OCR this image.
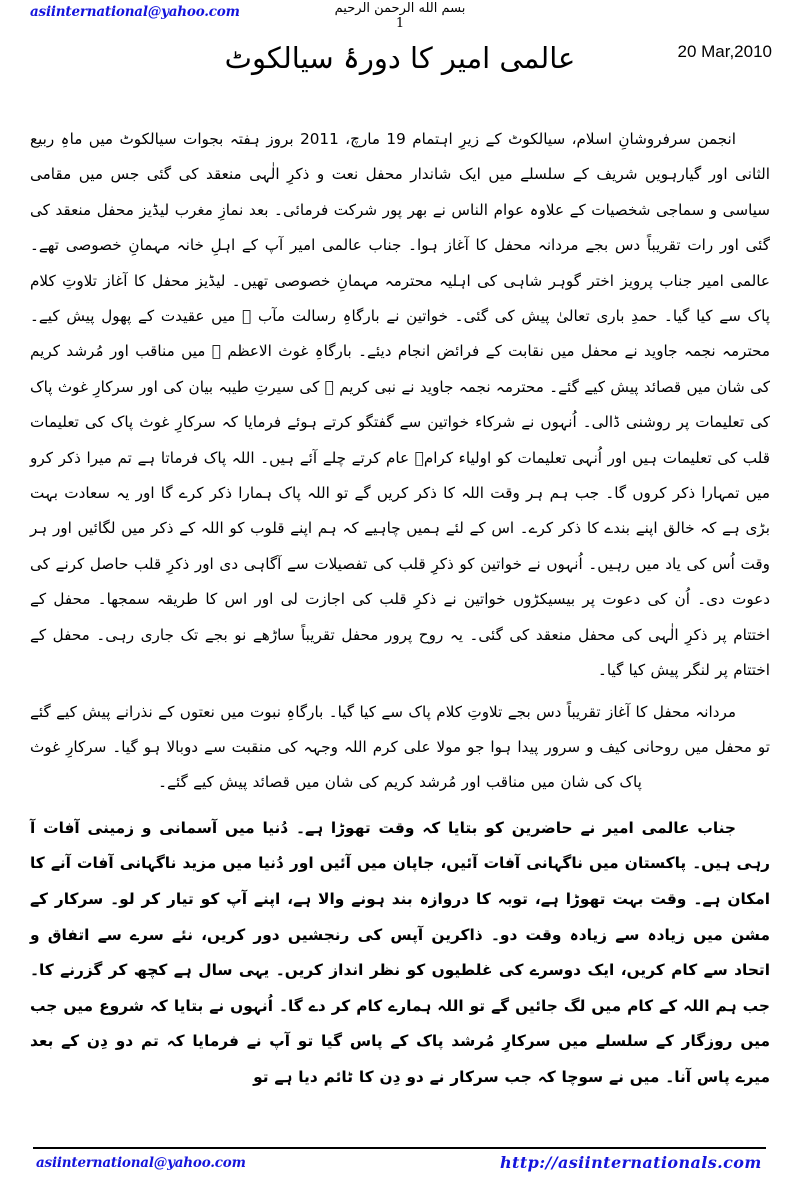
asiinternational@yahoo.com	بسم الله الرحمن الرحيم
1
عالمی امیر کا دورۂ سیالکوٹ	20 Mar,2010

انجمن سرفروشانِ اسلام، سیالکوٹ کے زیرِ اہتمام 19 مارچ، 2011 بروز ہفتہ بجوات سیالکوٹ میں ماہِ ربیع الثانی اور گیارہویں شریف کے سلسلے میں ایک شاندار محفل نعت و ذکرِ الٰہی منعقد کی گئی جس میں مقامی سیاسی و سماجی شخصیات کے علاوہ عوام الناس نے بھر پور شرکت فرمائی۔ بعد نمازِ مغرب لیڈیز محفل منعقد کی گئی اور رات تقریباً دس بجے مردانہ محفل کا آغاز ہوا۔ جناب عالمی امیر آپ کے اہلِ خانہ مہمانِ خصوصی تھے۔ عالمی امیر جناب پرویز اختر گوہر شاہی کی اہلیہ محترمہ مہمانِ خصوصی تھیں۔ لیڈیز محفل کا آغاز تلاوتِ کلام پاک سے کیا گیا۔ حمدِ باری تعالیٰ پیش کی گئی۔ خواتین نے بارگاہِ رسالت مآب ﷺ میں عقیدت کے پھول پیش کیے۔ محترمہ نجمہ جاوید نے محفل میں نقابت کے فرائض انجام دیئے۔ بارگاہِ غوث الاعظم ؓ میں مناقب اور مُرشد کریم کی شان میں قصائد پیش کیے گئے۔ محترمہ نجمہ جاوید نے نبی کریم ﷺ کی سیرتِ طیبہ بیان کی اور سرکارِ غوث پاک کی تعلیمات پر روشنی ڈالی۔ اُنہوں نے شرکاء خواتین سے گفتگو کرتے ہوئے فرمایا کہ سرکارِ غوث پاک کی تعلیمات قلب کی تعلیمات ہیں اور اُنہی تعلیمات کو اولیاء کرامؒ عام کرتے چلے آئے ہیں۔ اللہ پاک فرماتا ہے تم میرا ذکر کرو میں تمہارا ذکر کروں گا۔ جب ہم ہر وقت اللہ کا ذکر کریں گے تو اللہ پاک ہمارا ذکر کرے گا اور یہ سعادت بہت بڑی ہے کہ خالق اپنے بندے کا ذکر کرے۔ اس کے لئے ہمیں چاہیے کہ ہم اپنے قلوب کو اللہ کے ذکر میں لگائیں اور ہر وقت اُس کی یاد میں رہیں۔ اُنہوں نے خواتین کو ذکرِ قلب کی تفصیلات سے آگاہی دی اور ذکرِ قلب حاصل کرنے کی دعوت دی۔ اُن کی دعوت پر بیسیکڑوں خواتین نے ذکرِ قلب کی اجازت لی اور اس کا طریقہ سمجھا۔ محفل کے اختتام پر ذکرِ الٰہی کی محفل منعقد کی گئی۔ یہ روح پرور محفل تقریباً ساڑھے نو بجے تک جاری رہی۔ محفل کے اختتام پر لنگر پیش کیا گیا۔

مردانہ محفل کا آغاز تقریباً دس بجے تلاوتِ کلام پاک سے کیا گیا۔ بارگاہِ نبوت میں نعتوں کے نذرانے پیش کیے گئے تو محفل میں روحانی کیف و سرور پیدا ہوا جو مولا علی کرم اللہ وجہہ کی منقبت سے دوبالا ہو گیا۔ سرکارِ غوث پاک کی شان میں مناقب اور مُرشد کریم کی شان میں قصائد پیش کیے گئے۔

جناب عالمی امیر نے حاضرین کو بتایا کہ وقت تھوڑا ہے۔ دُنیا میں آسمانی و زمینی آفات آ رہی ہیں۔ پاکستان میں ناگہانی آفات آئیں، جاپان میں آئیں اور دُنیا میں مزید ناگہانی آفات آنے کا امکان ہے۔ وقت بہت تھوڑا ہے، توبہ کا دروازہ بند ہونے والا ہے، اپنے آپ کو تیار کر لو۔ سرکار کے مشن میں زیادہ سے زیادہ وقت دو۔ ذاکرین آپس کی رنجشیں دور کریں، نئے سرے سے اتفاق و اتحاد سے کام کریں، ایک دوسرے کی غلطیوں کو نظر انداز کریں۔ یہی سال ہے کچھ کر گزرنے کا۔ جب ہم اللہ کے کام میں لگ جائیں گے تو اللہ ہمارے کام کر دے گا۔ اُنہوں نے بتایا کہ شروع میں جب میں روزگار کے سلسلے میں سرکارِ مُرشد پاک کے پاس گیا تو آپ نے فرمایا کہ تم دو دِن کے بعد میرے پاس آنا۔ میں نے سوچا کہ جب سرکار نے دو دِن کا ٹائم دیا ہے تو

asiinternational@yahoo.com	http://asiinternationals.com
